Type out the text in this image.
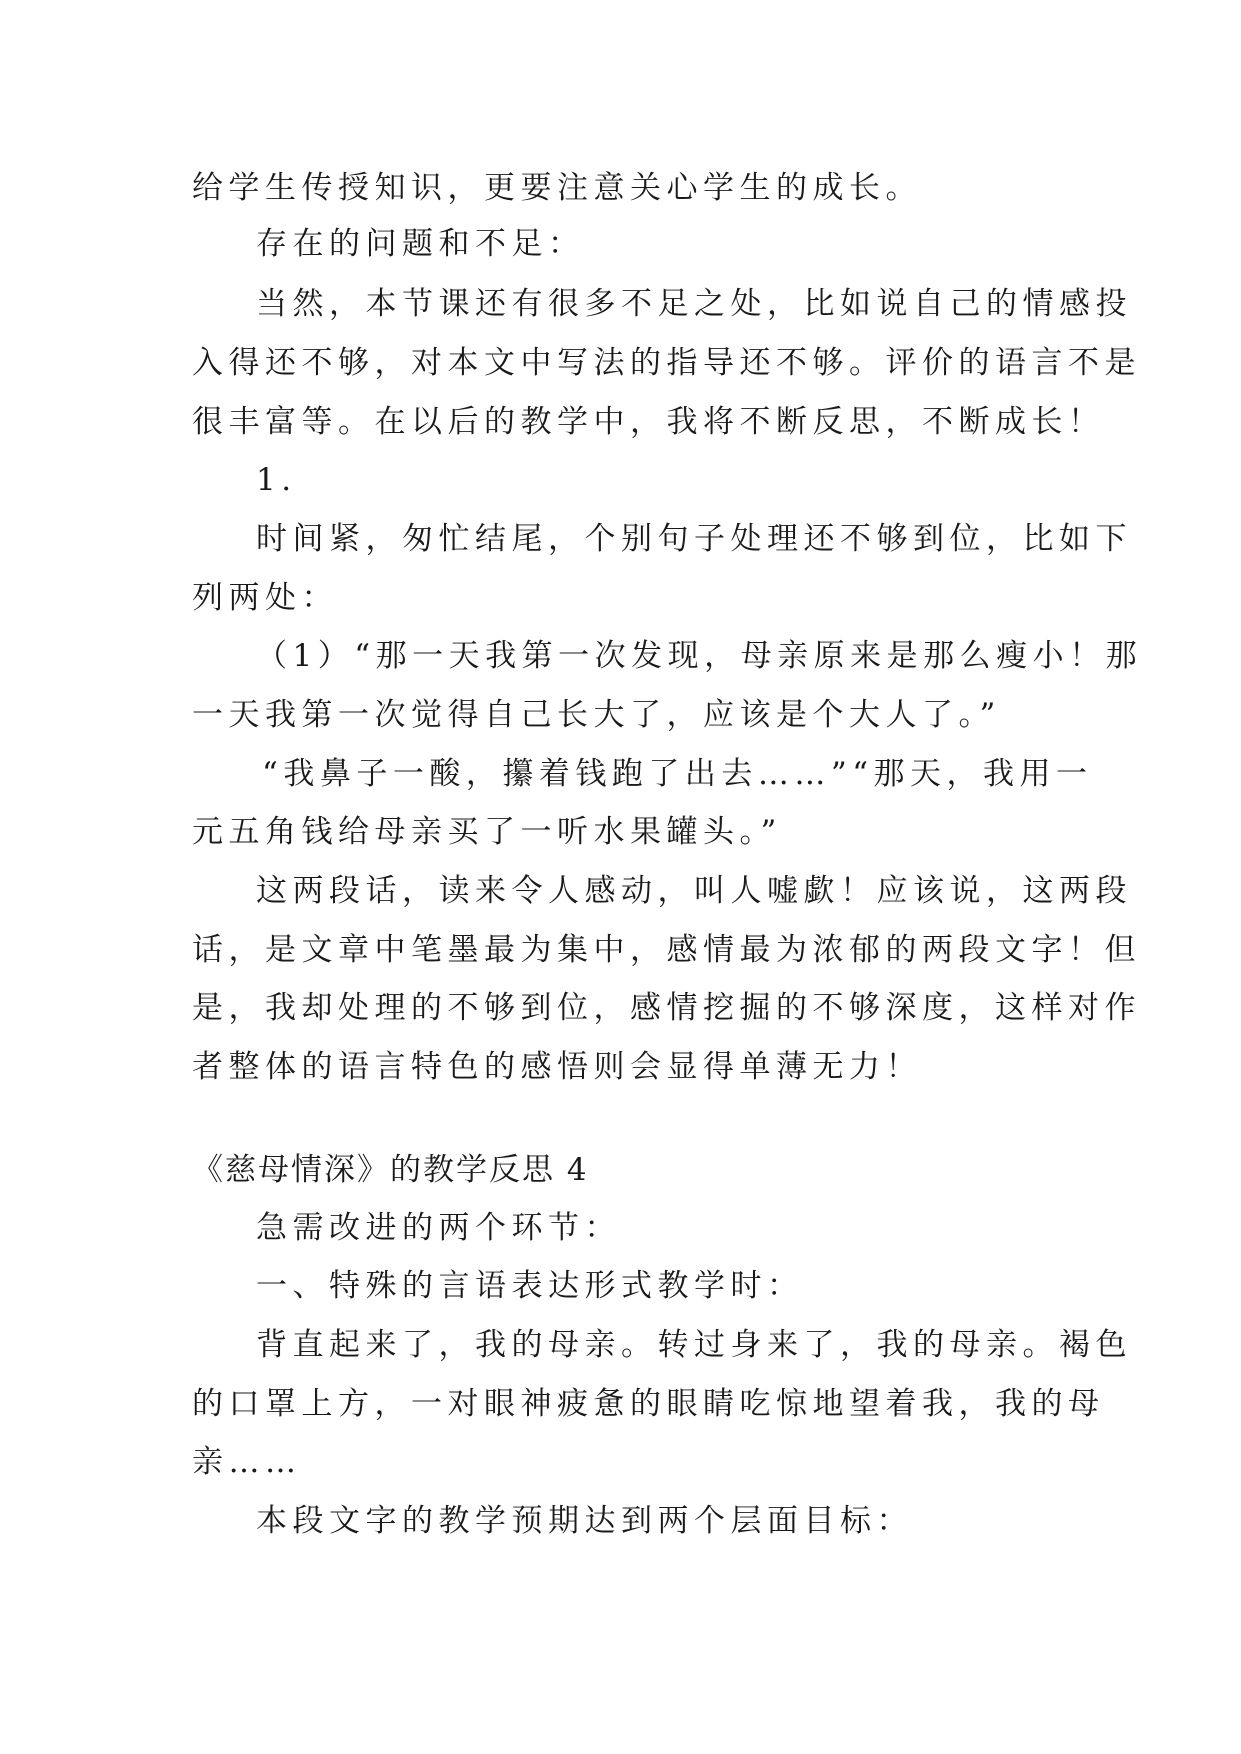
给学生传授知识，更要注意关心学生的成长。
存在的问题和不足：
当然，本节课还有很多不足之处，比如说自己的情感投
入得还不够，对本文中写法的指导还不够。评价的语言不是
很丰富等。在以后的教学中，我将不断反思，不断成长！
1.
时间紧，匆忙结尾，个别句子处理还不够到位，比如下
列两处：
（1）“那一天我第一次发现，母亲原来是那么瘦小！那
一天我第一次觉得自己长大了，应该是个大人了。”
“我鼻子一酸，攥着钱跑了出去……”“那天，我用一
元五角钱给母亲买了一听水果罐头。”
这两段话，读来令人感动，叫人嘘歔！应该说，这两段
话，是文章中笔墨最为集中，感情最为浓郁的两段文字！但
是，我却处理的不够到位，感情挖掘的不够深度，这样对作
者整体的语言特色的感悟则会显得单薄无力！
《慈母情深》的教学反思 4
急需改进的两个环节：
一、特殊的言语表达形式教学时：
背直起来了，我的母亲。转过身来了，我的母亲。褐色
的口罩上方，一对眼神疲惫的眼睛吃惊地望着我，我的母
亲……
本段文字的教学预期达到两个层面目标：
